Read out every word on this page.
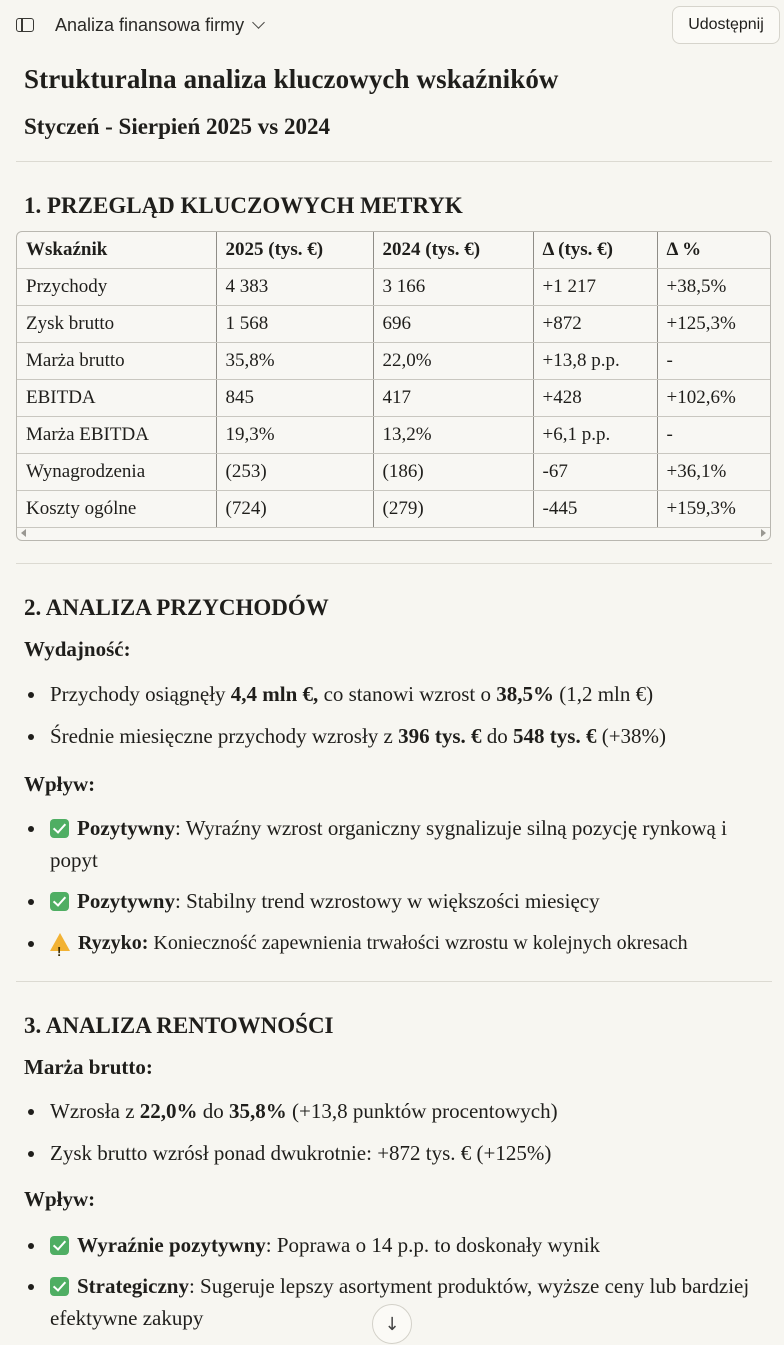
Analiza finansowa firmy	Udostępnij
Strukturalna analiza kluczowych wskaźników
Styczeń - Sierpień 2025 vs 2024
1. PRZEGLĄD KLUCZOWYCH METRYK
Wskaźnik	2025 (tys. €)	2024 (tys. €)	Δ (tys. €)	Δ %
Przychody	4 383	3 166	+1 217	+38,5%
Zysk brutto	1 568	696	+872	+125,3%
Marża brutto	35,8%	22,0%	+13,8 p.p.	-
EBITDA	845	417	+428	+102,6%
Marża EBITDA	19,3%	13,2%	+6,1 p.p.	-
Wynagrodzenia	(253)	(186)	-67	+36,1%
Koszty ogólne	(724)	(279)	-445	+159,3%
2. ANALIZA PRZYCHODÓW
Wydajność:
Przychody osiągnęły 4,4 mln €, co stanowi wzrost o 38,5% (1,2 mln €)
Średnie miesięczne przychody wzrosły z 396 tys. € do 548 tys. € (+38%)
Wpływ:
Pozytywny: Wyraźny wzrost organiczny sygnalizuje silną pozycję rynkową i popyt
Pozytywny: Stabilny trend wzrostowy w większości miesięcy
!Ryzyko: Konieczność zapewnienia trwałości wzrostu w kolejnych okresach
3. ANALIZA RENTOWNOŚCI
Marża brutto:
Wzrosła z 22,0% do 35,8% (+13,8 punktów procentowych)
Zysk brutto wzrósł ponad dwukrotnie: +872 tys. € (+125%)
Wpływ:
Wyraźnie pozytywny: Poprawa o 14 p.p. to doskonały wynik
Strategiczny: Sugeruje lepszy asortyment produktów, wyższe ceny lub bardziej efektywne zakupy	↓
